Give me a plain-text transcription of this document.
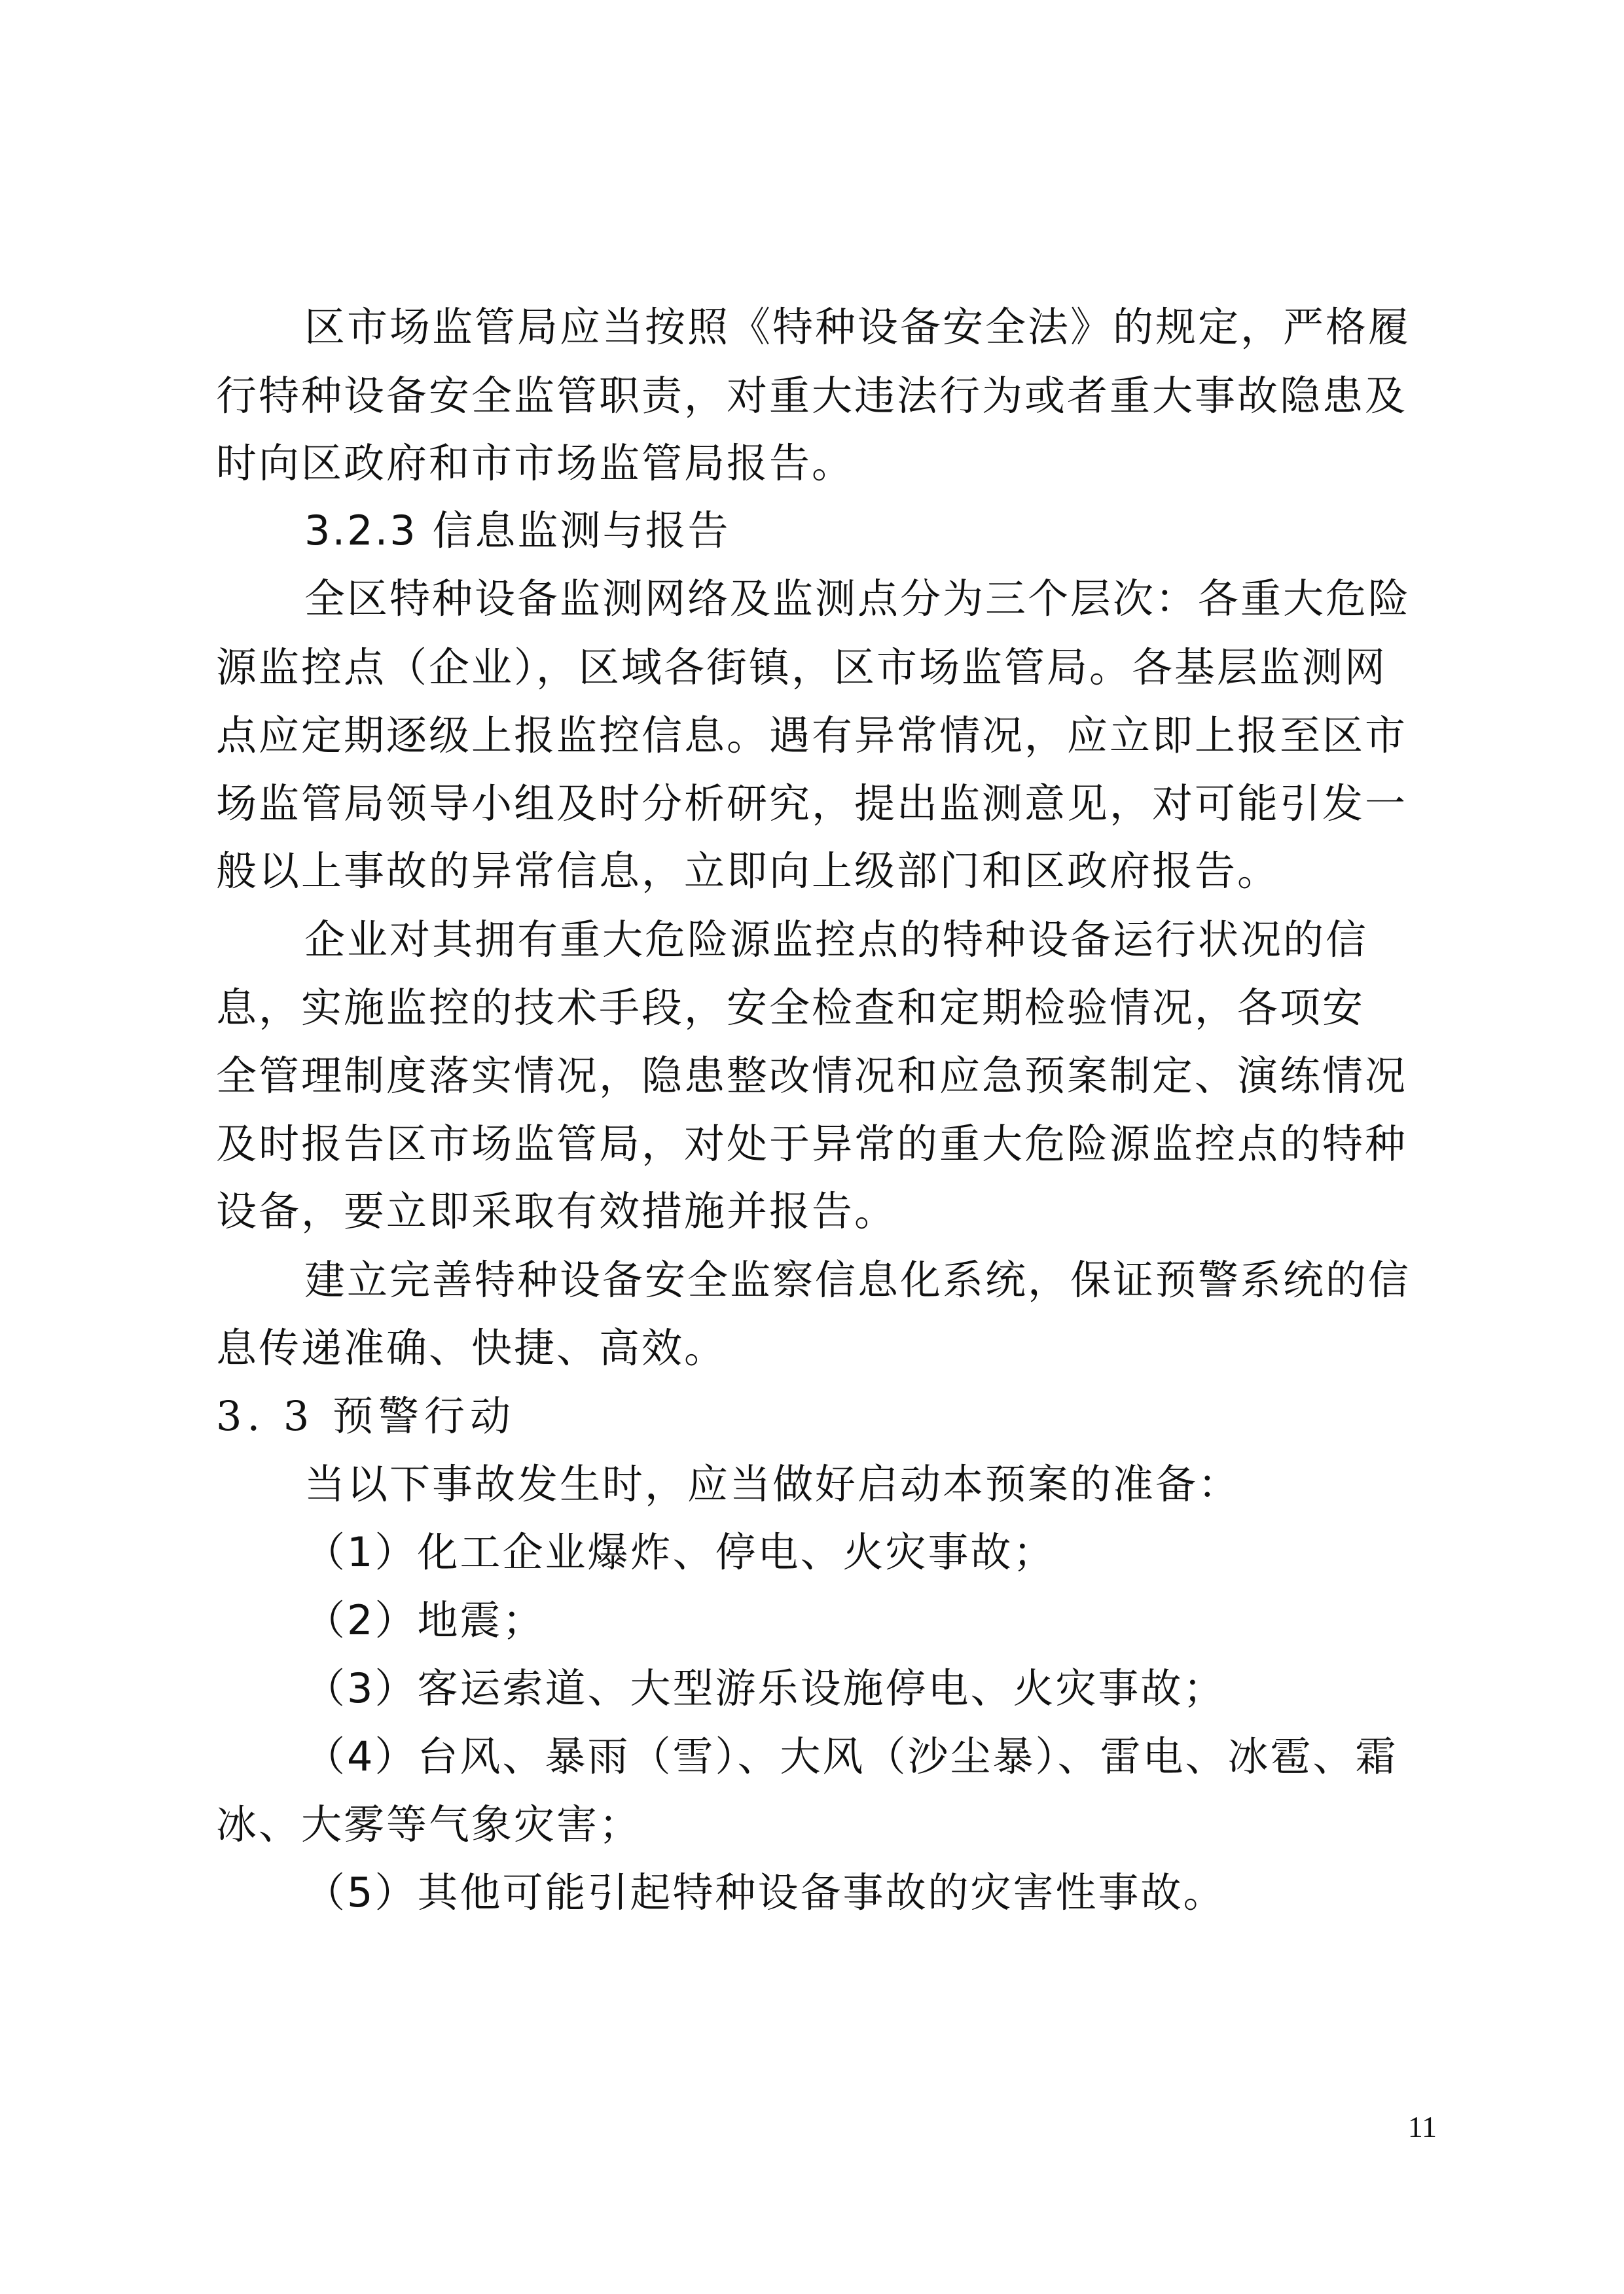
区市场监管局应当按照《特种设备安全法》的规定，严格履
行特种设备安全监管职责，对重大违法行为或者重大事故隐患及
时向区政府和市市场监管局报告。
3.2.3 信息监测与报告
全区特种设备监测网络及监测点分为三个层次：各重大危险
源监控点（企业），区域各街镇，区市场监管局。各基层监测网
点应定期逐级上报监控信息。遇有异常情况，应立即上报至区市
场监管局领导小组及时分析研究，提出监测意见，对可能引发一
般以上事故的异常信息，立即向上级部门和区政府报告。
企业对其拥有重大危险源监控点的特种设备运行状况的信
息，实施监控的技术手段，安全检查和定期检验情况，各项安
全管理制度落实情况，隐患整改情况和应急预案制定、演练情况
及时报告区市场监管局，对处于异常的重大危险源监控点的特种
设备，要立即采取有效措施并报告。
建立完善特种设备安全监察信息化系统，保证预警系统的信
息传递准确、快捷、高效。
3. 3 预警行动
当以下事故发生时，应当做好启动本预案的准备：
（1）化工企业爆炸、停电、火灾事故；
（2）地震；
（3）客运索道、大型游乐设施停电、火灾事故；
（4）台风、暴雨（雪）、大风（沙尘暴）、雷电、冰雹、霜
冰、大雾等气象灾害；
（5）其他可能引起特种设备事故的灾害性事故。
11
